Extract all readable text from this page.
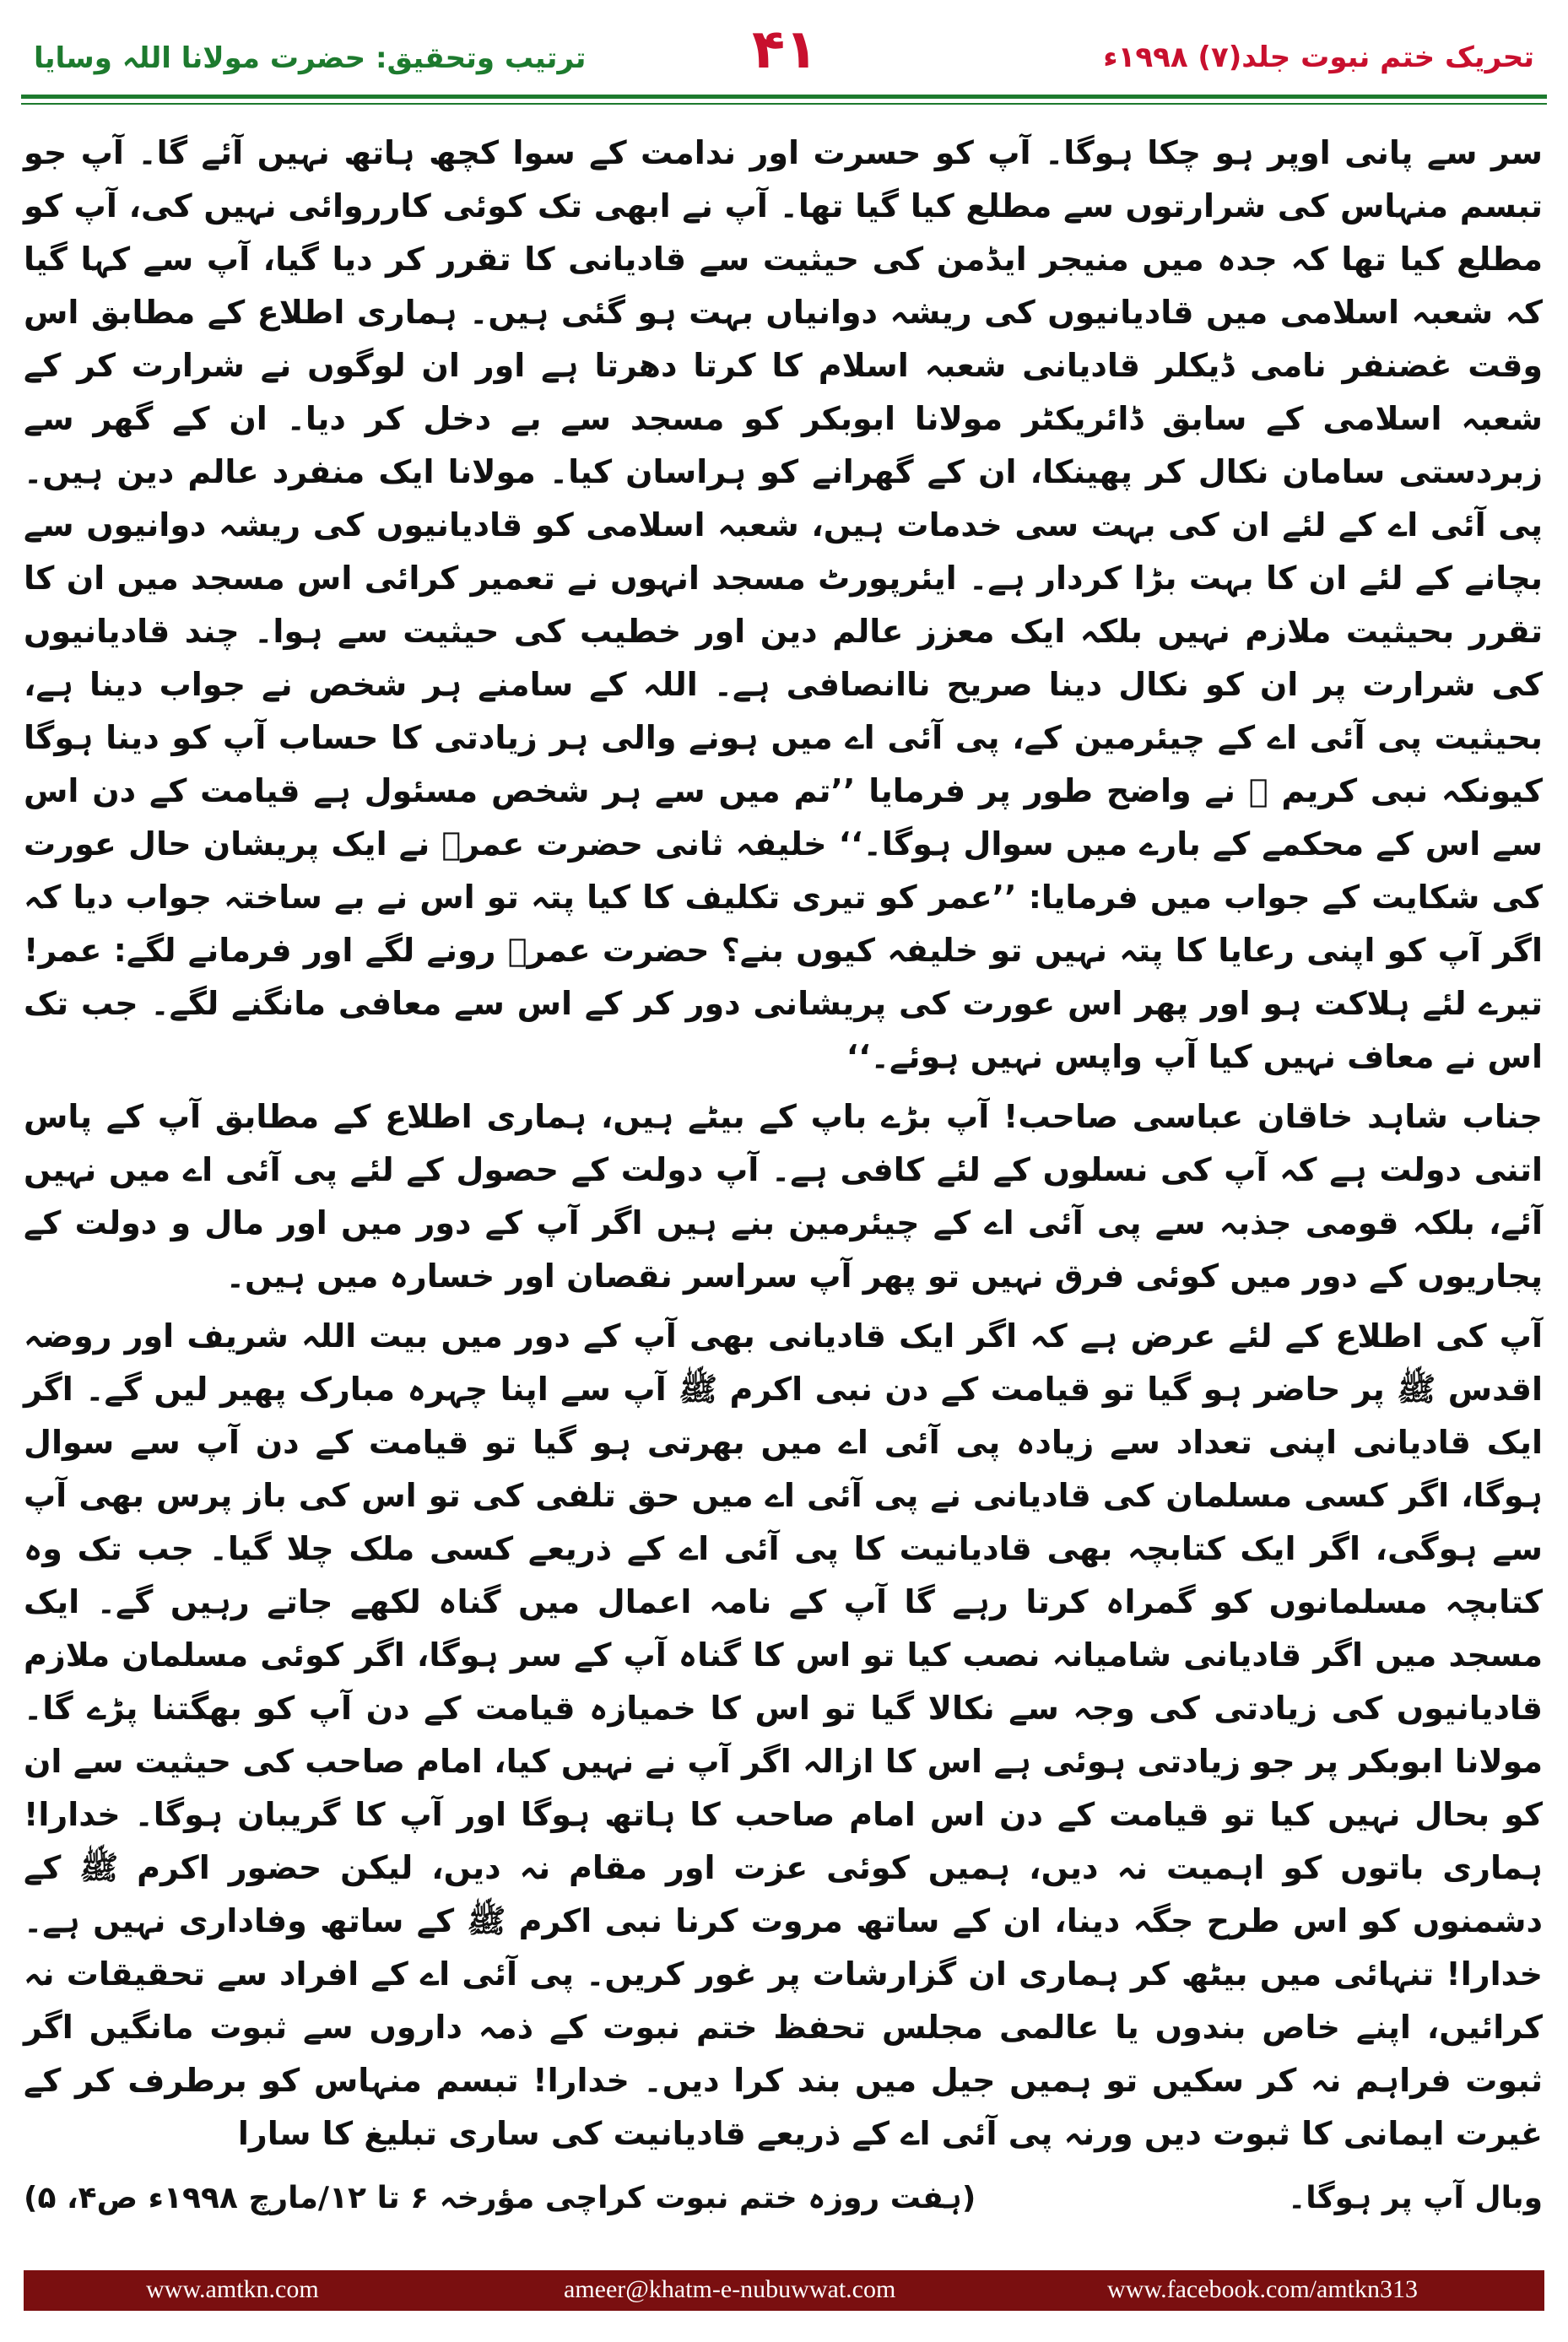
ترتیب وتحقیق: حضرت مولانا اللہ وسایا	۴۱	تحریک ختم نبوت جلد(۷) ۱۹۹۸ء

سر سے پانی اوپر ہو چکا ہوگا۔ آپ کو حسرت اور ندامت کے سوا کچھ ہاتھ نہیں آئے گا۔ آپ جو تبسم منہاس کی شرارتوں سے مطلع کیا گیا تھا۔ آپ نے ابھی تک کوئی کارروائی نہیں کی، آپ کو مطلع کیا تھا کہ جدہ میں منیجر ایڈمن کی حیثیت سے قادیانی کا تقرر کر دیا گیا، آپ سے کہا گیا کہ شعبہ اسلامی میں قادیانیوں کی ریشہ دوانیاں بہت ہو گئی ہیں۔ ہماری اطلاع کے مطابق اس وقت غضنفر نامی ڈیکلر قادیانی شعبہ اسلام کا کرتا دھرتا ہے اور ان لوگوں نے شرارت کر کے شعبہ اسلامی کے سابق ڈائریکٹر مولانا ابوبکر کو مسجد سے بے دخل کر دیا۔ ان کے گھر سے زبردستی سامان نکال کر پھینکا، ان کے گھرانے کو ہراسان کیا۔ مولانا ایک منفرد عالم دین ہیں۔ پی آئی اے کے لئے ان کی بہت سی خدمات ہیں، شعبہ اسلامی کو قادیانیوں کی ریشہ دوانیوں سے بچانے کے لئے ان کا بہت بڑا کردار ہے۔ ایئرپورٹ مسجد انہوں نے تعمیر کرائی اس مسجد میں ان کا تقرر بحیثیت ملازم نہیں بلکہ ایک معزز عالم دین اور خطیب کی حیثیت سے ہوا۔ چند قادیانیوں کی شرارت پر ان کو نکال دینا صریح ناانصافی ہے۔ اللہ کے سامنے ہر شخص نے جواب دینا ہے، بحیثیت پی آئی اے کے چیئرمین کے، پی آئی اے میں ہونے والی ہر زیادتی کا حساب آپ کو دینا ہوگا کیونکہ نبی کریم ﷺ نے واضح طور پر فرمایا ’’تم میں سے ہر شخص مسئول ہے قیامت کے دن اس سے اس کے محکمے کے بارے میں سوال ہوگا۔‘‘ خلیفہ ثانی حضرت عمرؓ نے ایک پریشان حال عورت کی شکایت کے جواب میں فرمایا: ’’عمر کو تیری تکلیف کا کیا پتہ تو اس نے بے ساختہ جواب دیا کہ اگر آپ کو اپنی رعایا کا پتہ نہیں تو خلیفہ کیوں بنے؟ حضرت عمرؓ رونے لگے اور فرمانے لگے: عمر! تیرے لئے ہلاکت ہو اور پھر اس عورت کی پریشانی دور کر کے اس سے معافی مانگنے لگے۔ جب تک اس نے معاف نہیں کیا آپ واپس نہیں ہوئے۔‘‘

جناب شاہد خاقان عباسی صاحب! آپ بڑے باپ کے بیٹے ہیں، ہماری اطلاع کے مطابق آپ کے پاس اتنی دولت ہے کہ آپ کی نسلوں کے لئے کافی ہے۔ آپ دولت کے حصول کے لئے پی آئی اے میں نہیں آئے، بلکہ قومی جذبہ سے پی آئی اے کے چیئرمین بنے ہیں اگر آپ کے دور میں اور مال و دولت کے پجاریوں کے دور میں کوئی فرق نہیں تو پھر آپ سراسر نقصان اور خسارہ میں ہیں۔

آپ کی اطلاع کے لئے عرض ہے کہ اگر ایک قادیانی بھی آپ کے دور میں بیت اللہ شریف اور روضہ اقدس ﷺ پر حاضر ہو گیا تو قیامت کے دن نبی اکرم ﷺ آپ سے اپنا چہرہ مبارک پھیر لیں گے۔ اگر ایک قادیانی اپنی تعداد سے زیادہ پی آئی اے میں بھرتی ہو گیا تو قیامت کے دن آپ سے سوال ہوگا، اگر کسی مسلمان کی قادیانی نے پی آئی اے میں حق تلفی کی تو اس کی باز پرس بھی آپ سے ہوگی، اگر ایک کتابچہ بھی قادیانیت کا پی آئی اے کے ذریعے کسی ملک چلا گیا۔ جب تک وہ کتابچہ مسلمانوں کو گمراہ کرتا رہے گا آپ کے نامہ اعمال میں گناہ لکھے جاتے رہیں گے۔ ایک مسجد میں اگر قادیانی شامیانہ نصب کیا تو اس کا گناہ آپ کے سر ہوگا، اگر کوئی مسلمان ملازم قادیانیوں کی زیادتی کی وجہ سے نکالا گیا تو اس کا خمیازہ قیامت کے دن آپ کو بھگتنا پڑے گا۔ مولانا ابوبکر پر جو زیادتی ہوئی ہے اس کا ازالہ اگر آپ نے نہیں کیا، امام صاحب کی حیثیت سے ان کو بحال نہیں کیا تو قیامت کے دن اس امام صاحب کا ہاتھ ہوگا اور آپ کا گریبان ہوگا۔ خدارا! ہماری باتوں کو اہمیت نہ دیں، ہمیں کوئی عزت اور مقام نہ دیں، لیکن حضور اکرم ﷺ کے دشمنوں کو اس طرح جگہ دینا، ان کے ساتھ مروت کرنا نبی اکرم ﷺ کے ساتھ وفاداری نہیں ہے۔ خدارا! تنہائی میں بیٹھ کر ہماری ان گزارشات پر غور کریں۔ پی آئی اے کے افراد سے تحقیقات نہ کرائیں، اپنے خاص بندوں یا عالمی مجلس تحفظ ختم نبوت کے ذمہ داروں سے ثبوت مانگیں اگر ثبوت فراہم نہ کر سکیں تو ہمیں جیل میں بند کرا دیں۔ خدارا! تبسم منہاس کو برطرف کر کے غیرت ایمانی کا ثبوت دیں ورنہ پی آئی اے کے ذریعے قادیانیت کی ساری تبلیغ کا سارا

وبال آپ پر ہوگا۔
(ہفت روزہ ختم نبوت کراچی مؤرخہ ۶ تا ۱۲/مارچ ۱۹۹۸ء ص۴، ۵)
www.amtkn.com	ameer@khatm-e-nubuwwat.com	www.facebook.com/amtkn313
